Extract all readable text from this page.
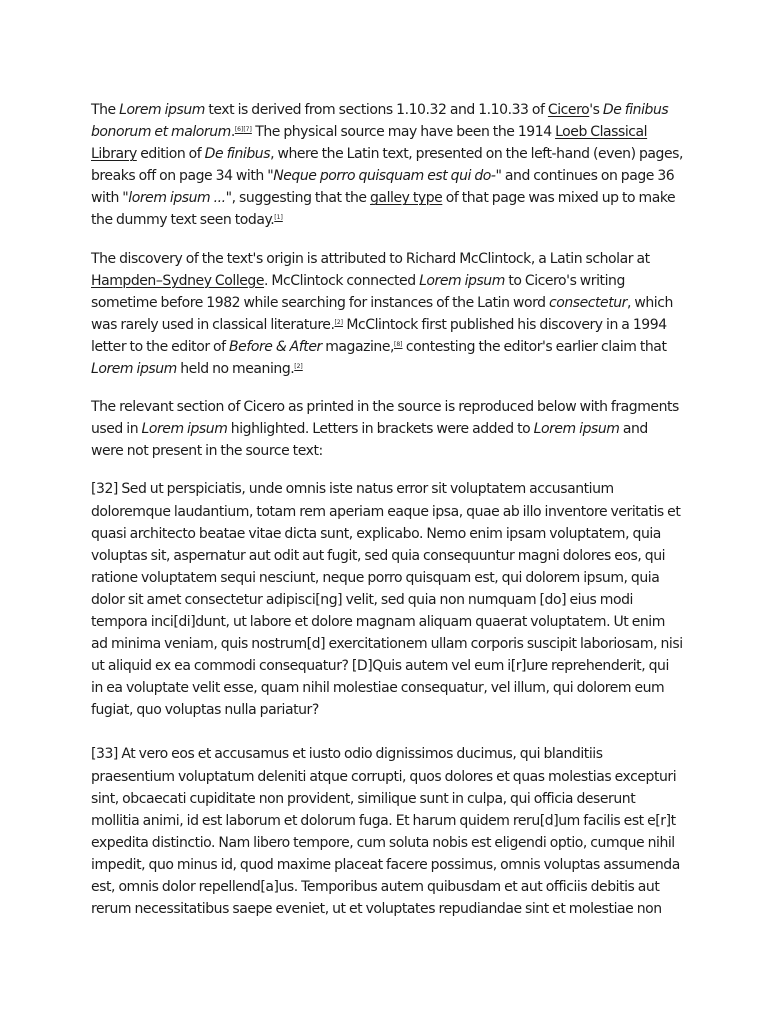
The Lorem ipsum text is derived from sections 1.10.32 and 1.10.33 of Cicero's De finibus bonorum et malorum.[6][7] The physical source may have been the 1914 Loeb Classical Library edition of De finibus, where the Latin text, presented on the left-hand (even) pages, breaks off on page 34 with "Neque porro quisquam est qui do-" and continues on page 36 with "lorem ipsum ...", suggesting that the galley type of that page was mixed up to make the dummy text seen today.[1]

The discovery of the text's origin is attributed to Richard McClintock, a Latin scholar at Hampden–Sydney College. McClintock connected Lorem ipsum to Cicero's writing sometime before 1982 while searching for instances of the Latin word consectetur, which was rarely used in classical literature.[2] McClintock first published his discovery in a 1994 letter to the editor of Before & After magazine,[8] contesting the editor's earlier claim that Lorem ipsum held no meaning.[2]

The relevant section of Cicero as printed in the source is reproduced below with fragments used in Lorem ipsum highlighted. Letters in brackets were added to Lorem ipsum and were not present in the source text:

[32] Sed ut perspiciatis, unde omnis iste natus error sit voluptatem accusantium doloremque laudantium, totam rem aperiam eaque ipsa, quae ab illo inventore veritatis et quasi architecto beatae vitae dicta sunt, explicabo. Nemo enim ipsam voluptatem, quia voluptas sit, aspernatur aut odit aut fugit, sed quia consequuntur magni dolores eos, qui ratione voluptatem sequi nesciunt, neque porro quisquam est, qui dolorem ipsum, quia dolor sit amet consectetur adipisci[ng] velit, sed quia non numquam [do] eius modi tempora inci[di]dunt, ut labore et dolore magnam aliquam quaerat voluptatem. Ut enim ad minima veniam, quis nostrum[d] exercitationem ullam corporis suscipit laboriosam, nisi ut aliquid ex ea commodi consequatur? [D]Quis autem vel eum i[r]ure reprehenderit, qui in ea voluptate velit esse, quam nihil molestiae consequatur, vel illum, qui dolorem eum fugiat, quo voluptas nulla pariatur?

[33] At vero eos et accusamus et iusto odio dignissimos ducimus, qui blanditiis praesentium voluptatum deleniti atque corrupti, quos dolores et quas molestias excepturi sint, obcaecati cupiditate non provident, similique sunt in culpa, qui officia deserunt mollitia animi, id est laborum et dolorum fuga. Et harum quidem reru[d]um facilis est e[r]t expedita distinctio. Nam libero tempore, cum soluta nobis est eligendi optio, cumque nihil impedit, quo minus id, quod maxime placeat facere possimus, omnis voluptas assumenda est, omnis dolor repellend[a]us. Temporibus autem quibusdam et aut officiis debitis aut rerum necessitatibus saepe eveniet, ut et voluptates repudiandae sint et molestiae non
